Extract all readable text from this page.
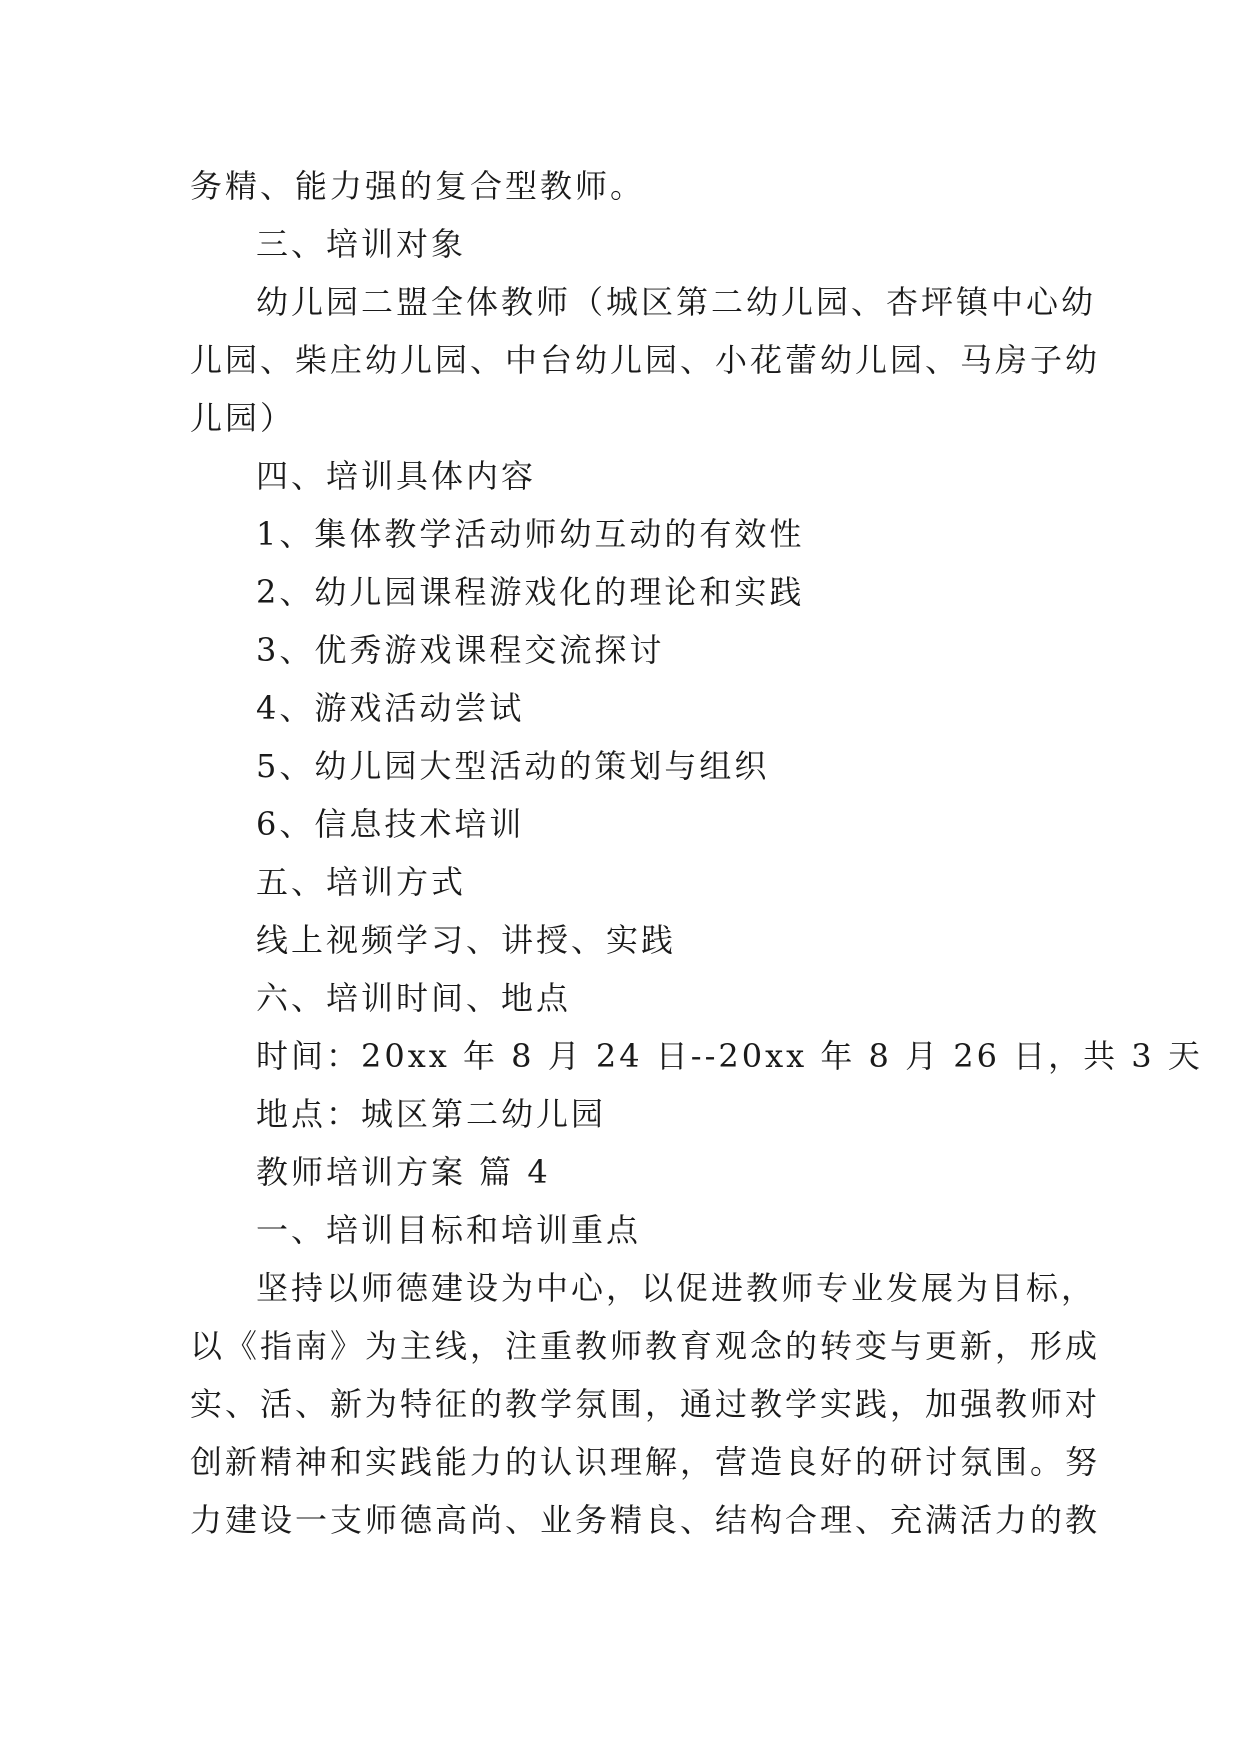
务精、能力强的复合型教师。
三、培训对象
幼儿园二盟全体教师（城区第二幼儿园、杏坪镇中心幼
儿园、柴庄幼儿园、中台幼儿园、小花蕾幼儿园、马房子幼
儿园）
四、培训具体内容
1、集体教学活动师幼互动的有效性
2、幼儿园课程游戏化的理论和实践
3、优秀游戏课程交流探讨
4、游戏活动尝试
5、幼儿园大型活动的策划与组织
6、信息技术培训
五、培训方式
线上视频学习、讲授、实践
六、培训时间、地点
时间：20xx 年 8 月 24 日--20xx 年 8 月 26 日，共 3 天
地点：城区第二幼儿园
教师培训方案 篇 4
一、培训目标和培训重点
坚持以师德建设为中心，以促进教师专业发展为目标，
以《指南》为主线，注重教师教育观念的转变与更新，形成
实、活、新为特征的教学氛围，通过教学实践，加强教师对
创新精神和实践能力的认识理解，营造良好的研讨氛围。努
力建设一支师德高尚、业务精良、结构合理、充满活力的教
